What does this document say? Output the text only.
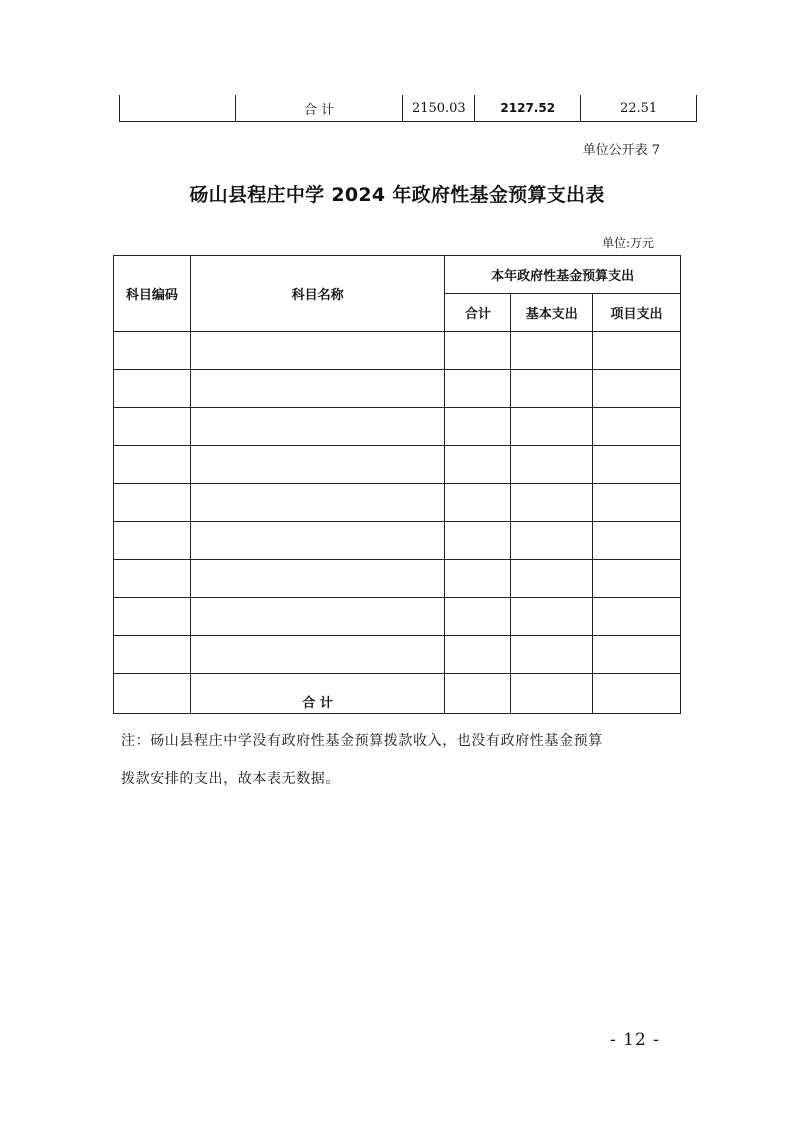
	合 计	2150.03	2127.52	22.51
单位公开表 7
砀山县程庄中学 2024 年政府性基金预算支出表
单位:万元
科目编码	科目名称	本年政府性基金预算支出		
		合计	基本支出	项目支出

	合 计			
注：砀山县程庄中学没有政府性基金预算拨款收入，也没有政府性基金预算
拨款安排的支出，故本表无数据。
- 12 -
